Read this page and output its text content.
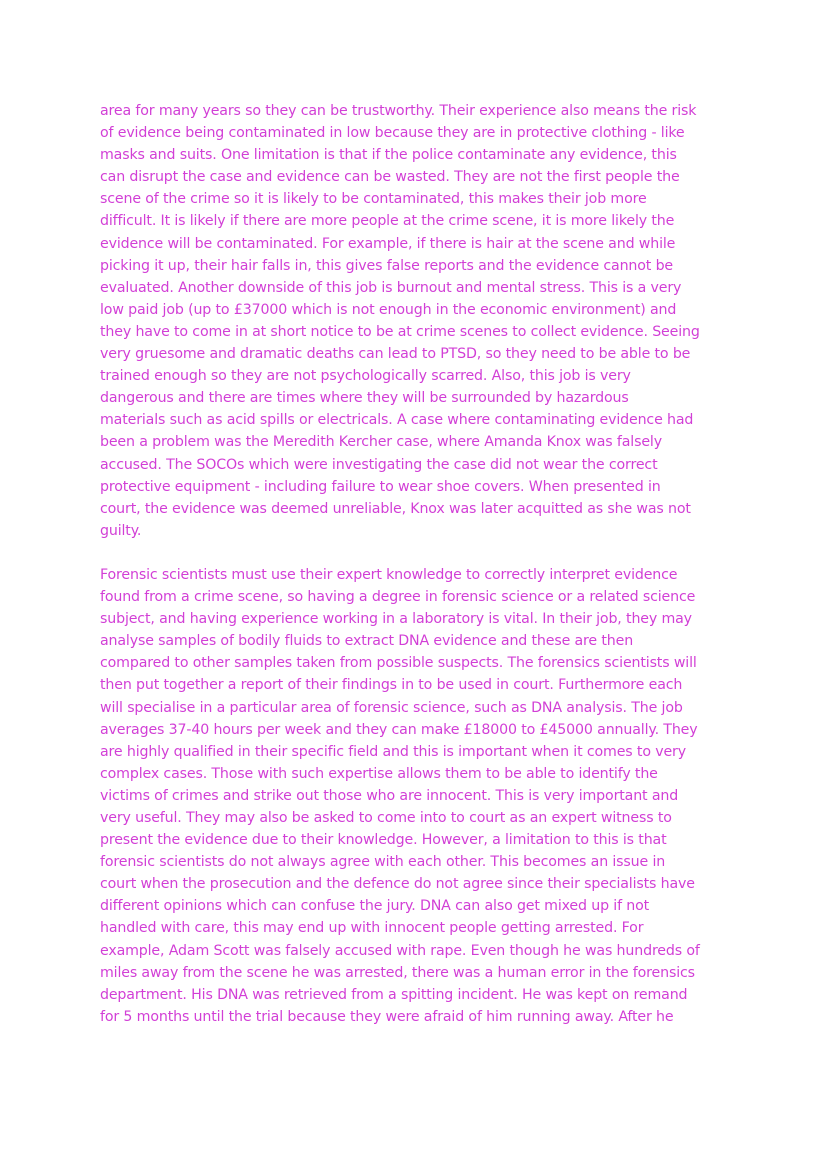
area for many years so they can be trustworthy. Their experience also means the risk
of evidence being contaminated in low because they are in protective clothing - like
masks and suits. One limitation is that if the police contaminate any evidence, this
can disrupt the case and evidence can be wasted. They are not the first people the
scene of the crime so it is likely to be contaminated, this makes their job more
difficult. It is likely if there are more people at the crime scene, it is more likely the
evidence will be contaminated. For example, if there is hair at the scene and while
picking it up, their hair falls in, this gives false reports and the evidence cannot be
evaluated. Another downside of this job is burnout and mental stress. This is a very
low paid job (up to £37000 which is not enough in the economic environment) and
they have to come in at short notice to be at crime scenes to collect evidence. Seeing
very gruesome and dramatic deaths can lead to PTSD, so they need to be able to be
trained enough so they are not psychologically scarred. Also, this job is very
dangerous and there are times where they will be surrounded by hazardous
materials such as acid spills or electricals. A case where contaminating evidence had
been a problem was the Meredith Kercher case, where Amanda Knox was falsely
accused. The SOCOs which were investigating the case did not wear the correct
protective equipment - including failure to wear shoe covers. When presented in
court, the evidence was deemed unreliable, Knox was later acquitted as she was not
guilty.
Forensic scientists must use their expert knowledge to correctly interpret evidence
found from a crime scene, so having a degree in forensic science or a related science
subject, and having experience working in a laboratory is vital. In their job, they may
analyse samples of bodily fluids to extract DNA evidence and these are then
compared to other samples taken from possible suspects. The forensics scientists will
then put together a report of their findings in to be used in court. Furthermore each
will specialise in a particular area of forensic science, such as DNA analysis. The job
averages 37-40 hours per week and they can make £18000 to £45000 annually. They
are highly qualified in their specific field and this is important when it comes to very
complex cases. Those with such expertise allows them to be able to identify the
victims of crimes and strike out those who are innocent. This is very important and
very useful. They may also be asked to come into to court as an expert witness to
present the evidence due to their knowledge. However, a limitation to this is that
forensic scientists do not always agree with each other. This becomes an issue in
court when the prosecution and the defence do not agree since their specialists have
different opinions which can confuse the jury. DNA can also get mixed up if not
handled with care, this may end up with innocent people getting arrested. For
example, Adam Scott was falsely accused with rape. Even though he was hundreds of
miles away from the scene he was arrested, there was a human error in the forensics
department. His DNA was retrieved from a spitting incident. He was kept on remand
for 5 months until the trial because they were afraid of him running away. After he
